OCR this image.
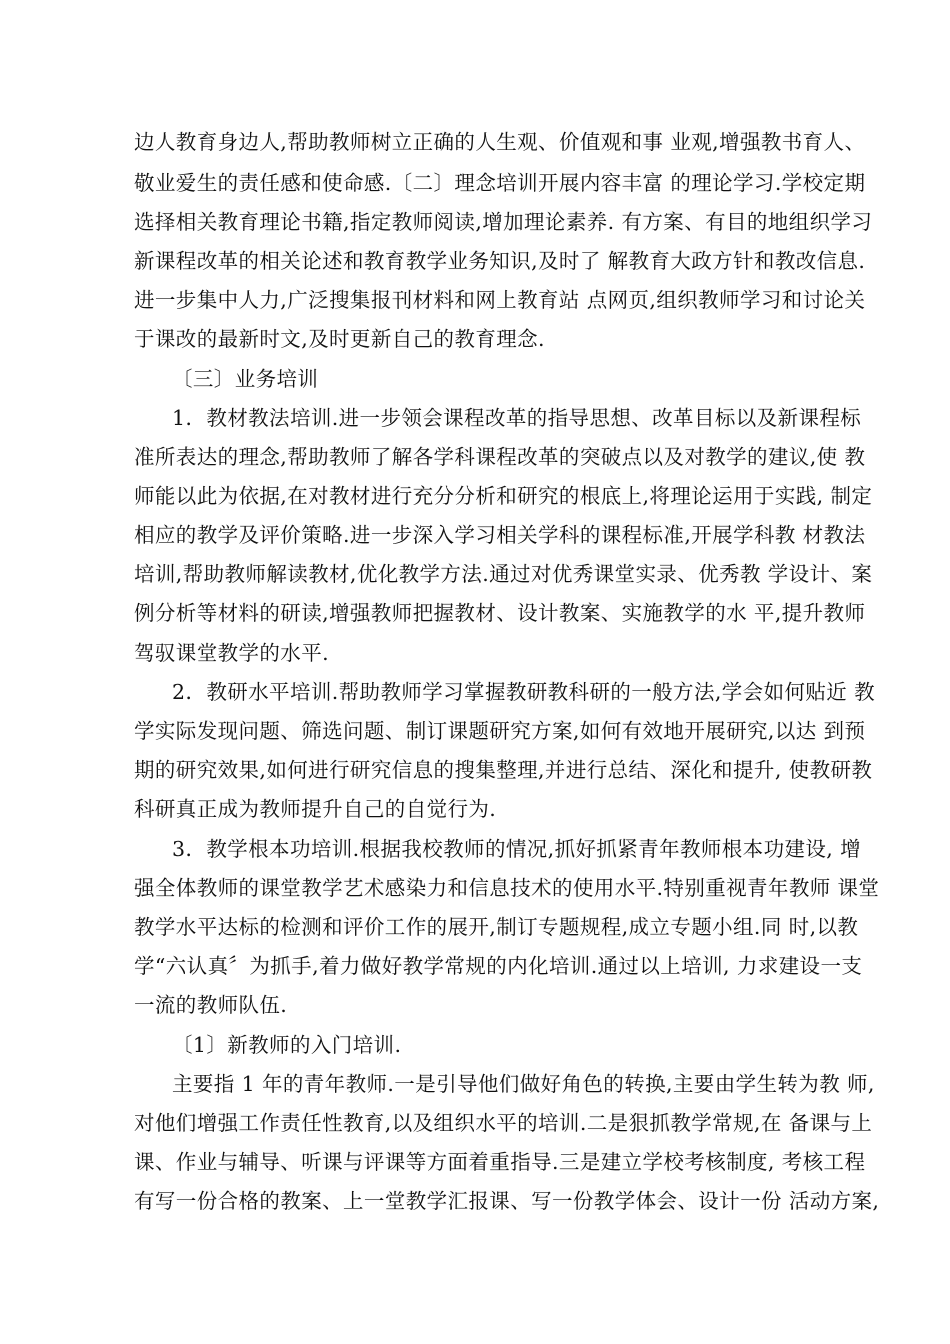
边人教育身边人,帮助教师树立正确的人生观、价值观和事 业观,增强教书育人、
敬业爱生的责任感和使命感.〔二〕理念培训开展内容丰富 的理论学习.学校定期
选择相关教育理论书籍,指定教师阅读,增加理论素养. 有方案、有目的地组织学习
新课程改革的相关论述和教育教学业务知识,及时了 解教育大政方针和教改信息.
进一步集中人力,广泛搜集报刊材料和网上教育站 点网页,组织教师学习和讨论关
于课改的最新时文,及时更新自己的教育理念.
〔三〕业务培训
1．教材教法培训.进一步领会课程改革的指导思想、改革目标以及新课程标
准所表达的理念,帮助教师了解各学科课程改革的突破点以及对教学的建议,使 教
师能以此为依据,在对教材进行充分分析和研究的根底上,将理论运用于实践, 制定
相应的教学及评价策略.进一步深入学习相关学科的课程标准,开展学科教 材教法
培训,帮助教师解读教材,优化教学方法.通过对优秀课堂实录、优秀教 学设计、案
例分析等材料的研读,增强教师把握教材、设计教案、实施教学的水 平,提升教师
驾驭课堂教学的水平.
2．教研水平培训.帮助教师学习掌握教研教科研的一般方法,学会如何贴近 教
学实际发现问题、筛选问题、制订课题研究方案,如何有效地开展研究,以达 到预
期的研究效果,如何进行研究信息的搜集整理,并进行总结、深化和提升, 使教研教
科研真正成为教师提升自己的自觉行为.
3．教学根本功培训.根据我校教师的情况,抓好抓紧青年教师根本功建设, 增
强全体教师的课堂教学艺术感染力和信息技术的使用水平.特别重视青年教师 课堂
教学水平达标的检测和评价工作的展开,制订专题规程,成立专题小组.同 时,以教
学“六认真〞为抓手,着力做好教学常规的内化培训.通过以上培训, 力求建设一支
一流的教师队伍.
〔1〕新教师的入门培训.
主要指 1 年的青年教师.一是引导他们做好角色的转换,主要由学生转为教 师,
对他们增强工作责任性教育,以及组织水平的培训.二是狠抓教学常规,在 备课与上
课、作业与辅导、听课与评课等方面着重指导.三是建立学校考核制度, 考核工程
有写一份合格的教案、上一堂教学汇报课、写一份教学体会、设计一份 活动方案,
